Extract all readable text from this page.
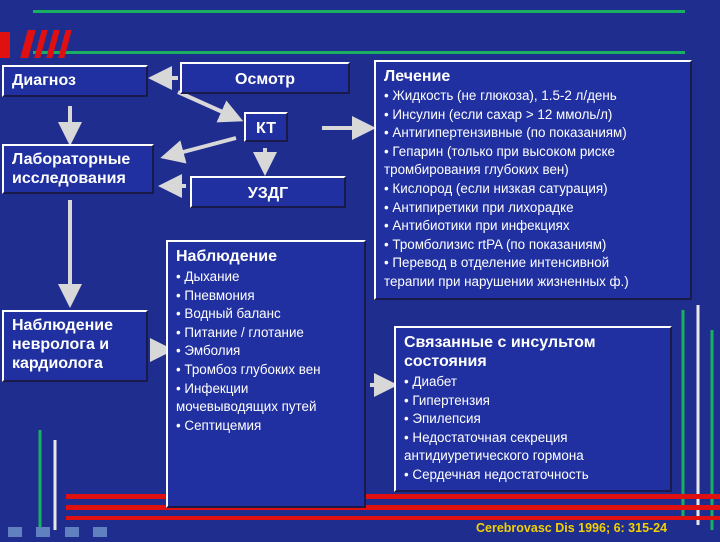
Диагноз	Осмотр
КТ
Лабораторные
исследования
УЗДГ
Наблюдение
невролога и
кардиолога
Лечение
• Жидкость (не глюкоза), 1.5-2 л/день
• Инсулин (если сахар > 12 ммоль/л)
• Антигипертензивные (по показаниям)
• Гепарин (только при высоком риске
тромбирования глубоких вен)
• Кислород (если низкая сатурация)
• Антипиретики при лихорадке
• Антибиотики при инфекциях
• Тромболизис rtPA (по показаниям)
• Перевод в отделение интенсивной
терапии при нарушении жизненных ф.)
Наблюдение
• Дыхание
• Пневмония
• Водный баланс
• Питание / глотание
• Эмболия
• Тромбоз глубоких вен
• Инфекции
мочевыводящих путей
• Септицемия
Связанные с инсультом
состояния
• Диабет
• Гипертензия
• Эпилепсия
• Недостаточная секреция
антидиуретического гормона
• Сердечная недостаточность
Cerebrovasc Dis 1996; 6: 315-24
